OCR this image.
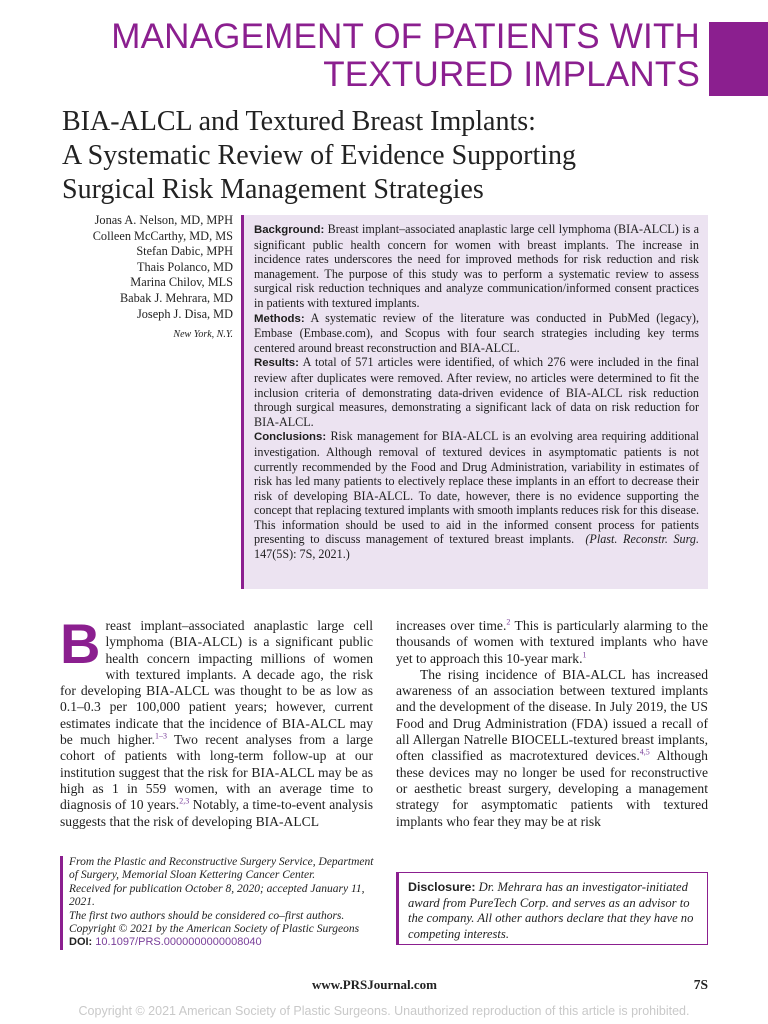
MANAGEMENT OF PATIENTS WITH
TEXTURED IMPLANTS
BIA-ALCL and Textured Breast Implants:
A Systematic Review of Evidence Supporting
Surgical Risk Management Strategies
Jonas A. Nelson, MD, MPH
Colleen McCarthy, MD, MS
Stefan Dabic, MPH
Thais Polanco, MD
Marina Chilov, MLS
Babak J. Mehrara, MD
Joseph J. Disa, MD
New York, N.Y.

Background: Breast implant–associated anaplastic large cell lymphoma (BIA-ALCL) is a significant public health concern for women with breast implants. The increase in incidence rates underscores the need for improved methods for risk reduction and risk management. The purpose of this study was to perform a systematic review to assess surgical risk reduction techniques and analyze communication/informed consent practices in patients with textured implants.

Methods: A systematic review of the literature was conducted in PubMed (legacy), Embase (Embase.com), and Scopus with four search strategies including key terms centered around breast reconstruction and BIA-ALCL.

Results: A total of 571 articles were identified, of which 276 were included in the final review after duplicates were removed. After review, no articles were determined to fit the inclusion criteria of demonstrating data-driven evidence of BIA-ALCL risk reduction through surgical measures, demonstrating a significant lack of data on risk reduction for BIA-ALCL.

Conclusions: Risk management for BIA-ALCL is an evolving area requiring additional investigation. Although removal of textured devices in asymptomatic patients is not currently recommended by the Food and Drug Administration, variability in estimates of risk has led many patients to electively replace these implants in an effort to decrease their risk of developing BIA-ALCL. To date, however, there is no evidence supporting the concept that replacing textured implants with smooth implants reduces risk for this disease. This information should be used to aid in the informed consent process for patients presenting to discuss management of textured breast implants. (Plast. Reconstr. Surg. 147(5S): 7S, 2021.)

Breast implant–associated anaplastic large cell lymphoma (BIA-ALCL) is a significant public health concern impacting millions of women with textured implants. A decade ago, the risk for developing BIA-ALCL was thought to be as low as 0.1–0.3 per 100,000 patient years; however, current estimates indicate that the incidence of BIA-ALCL may be much higher.$^{1-3}$ Two recent analyses from a large cohort of patients with long-term follow-up at our institution suggest that the risk for BIA-ALCL may be as high as 1 in 559 women, with an average time to diagnosis of 10 years.$^{2,3}$ Notably, a time-to-event analysis suggests that the risk of developing BIA-ALCL

increases over time.$^2$ This is particularly alarming to the thousands of women with textured implants who have yet to approach this 10-year mark.$^1$

The rising incidence of BIA-ALCL has increased awareness of an association between textured implants and the development of the disease. In July 2019, the US Food and Drug Administration (FDA) issued a recall of all Allergan Natrelle BIOCELL-textured breast implants, often classified as macrotextured devices.$^{4,5}$ Although these devices may no longer be used for reconstructive or aesthetic breast surgery, developing a management strategy for asymptomatic patients with textured implants who fear they may be at risk

From the Plastic and Reconstructive Surgery Service, Department of Surgery, Memorial Sloan Kettering Cancer Center.

Received for publication October 8, 2020; accepted January 11, 2021.

The first two authors should be considered co–first authors.

Copyright © 2021 by the American Society of Plastic Surgeons

DOI: 10.1097/PRS.0000000000008040

Disclosure: Dr. Mehrara has an investigator-initiated award from PureTech Corp. and serves as an advisor to the company. All other authors declare that they have no competing interests.
www.PRSJournal.com	7S
Copyright © 2021 American Society of Plastic Surgeons. Unauthorized reproduction of this article is prohibited.
